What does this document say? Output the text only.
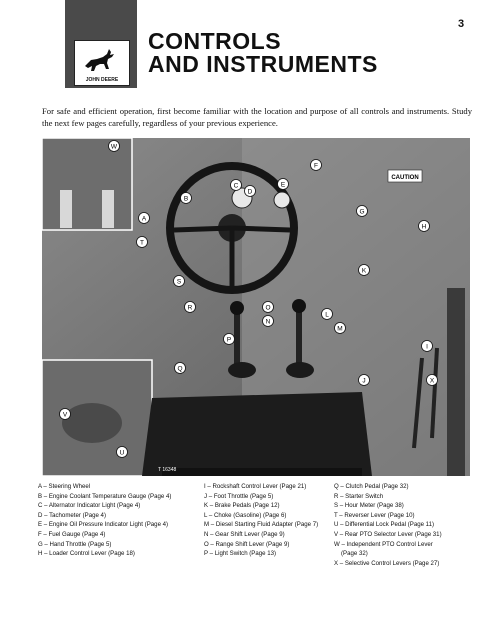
3
JOHN DEERE
CONTROLS
AND INSTRUMENTS
For safe and efficient operation, first become familiar with the location and purpose of all controls and instruments. Study the next few pages carefully, regardless of your previous experience.
CAUTION
T 16348
A
B
C
D
E
F
G
H
I
J
K
L
M
N
O
P
Q
R
S
T
U
V
W
X
A – Steering Wheel
B – Engine Coolant Temperature Gauge (Page 4)
C – Alternator Indicator Light (Page 4)
D – Tachometer (Page 4)
E – Engine Oil Pressure Indicator Light (Page 4)
F – Fuel Gauge (Page 4)
G – Hand Throttle (Page 5)
H – Loader Control Lever (Page 18)
I – Rockshaft Control Lever (Page 21)
J – Foot Throttle (Page 5)
K – Brake Pedals (Page 12)
L – Choke (Gasoline) (Page 6)
M – Diesel Starting Fluid Adapter (Page 7)
N – Gear Shift Lever (Page 9)
O – Range Shift Lever (Page 9)
P – Light Switch (Page 13)
Q – Clutch Pedal (Page 32)
R – Starter Switch
S – Hour Meter (Page 38)
T – Reverser Lever (Page 10)
U – Differential Lock Pedal (Page 11)
V – Rear PTO Selector Lever (Page 31)
W – Independent PTO Control Lever
(Page 32)
X – Selective Control Levers (Page 27)
